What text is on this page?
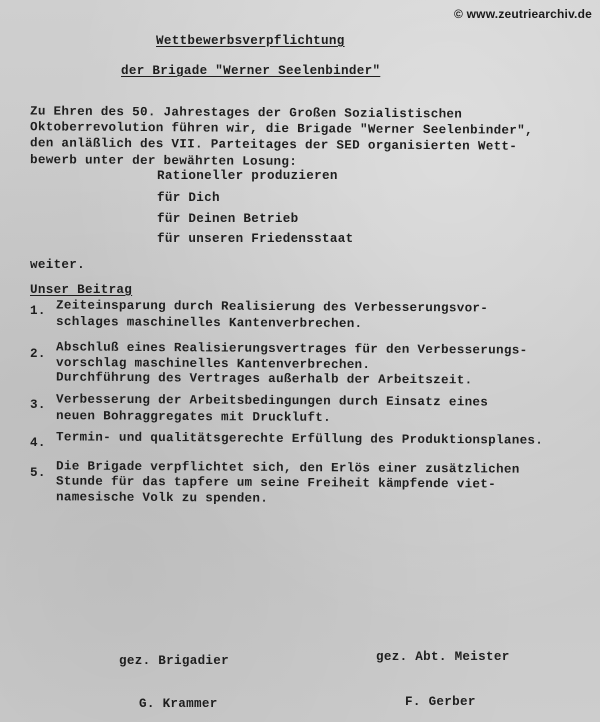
© www.zeutriearchiv.de
Wettbewerbsverpflichtung
der Brigade "Werner Seelenbinder"
Zu Ehren des 50. Jahrestages der Großen Sozialistischen
Oktoberrevolution führen wir, die Brigade "Werner Seelenbinder",
den anläßlich des VII. Parteitages der SED organisierten Wett-
bewerb unter der bewährten Losung:
Rationeller produzieren
für Dich
für Deinen Betrieb
für unseren Friedensstaat
weiter.
Unser Beitrag
1. Zeiteinsparung durch Realisierung des Verbesserungsvor-
schlages maschinelles Kantenverbrechen.
2. Abschluß eines Realisierungsvertrages für den Verbesserungs-
vorschlag maschinelles Kantenverbrechen.
Durchführung des Vertrages außerhalb der Arbeitszeit.
3. Verbesserung der Arbeitsbedingungen durch Einsatz eines
neuen Bohraggregates mit Druckluft.
4. Termin- und qualitätsgerechte Erfüllung des Produktionsplanes.
5. Die Brigade verpflichtet sich, den Erlös einer zusätzlichen
Stunde für das tapfere um seine Freiheit kämpfende viet-
namesische Volk zu spenden.
gez. Brigadier	gez. Abt. Meister
G. Krammer	F. Gerber
